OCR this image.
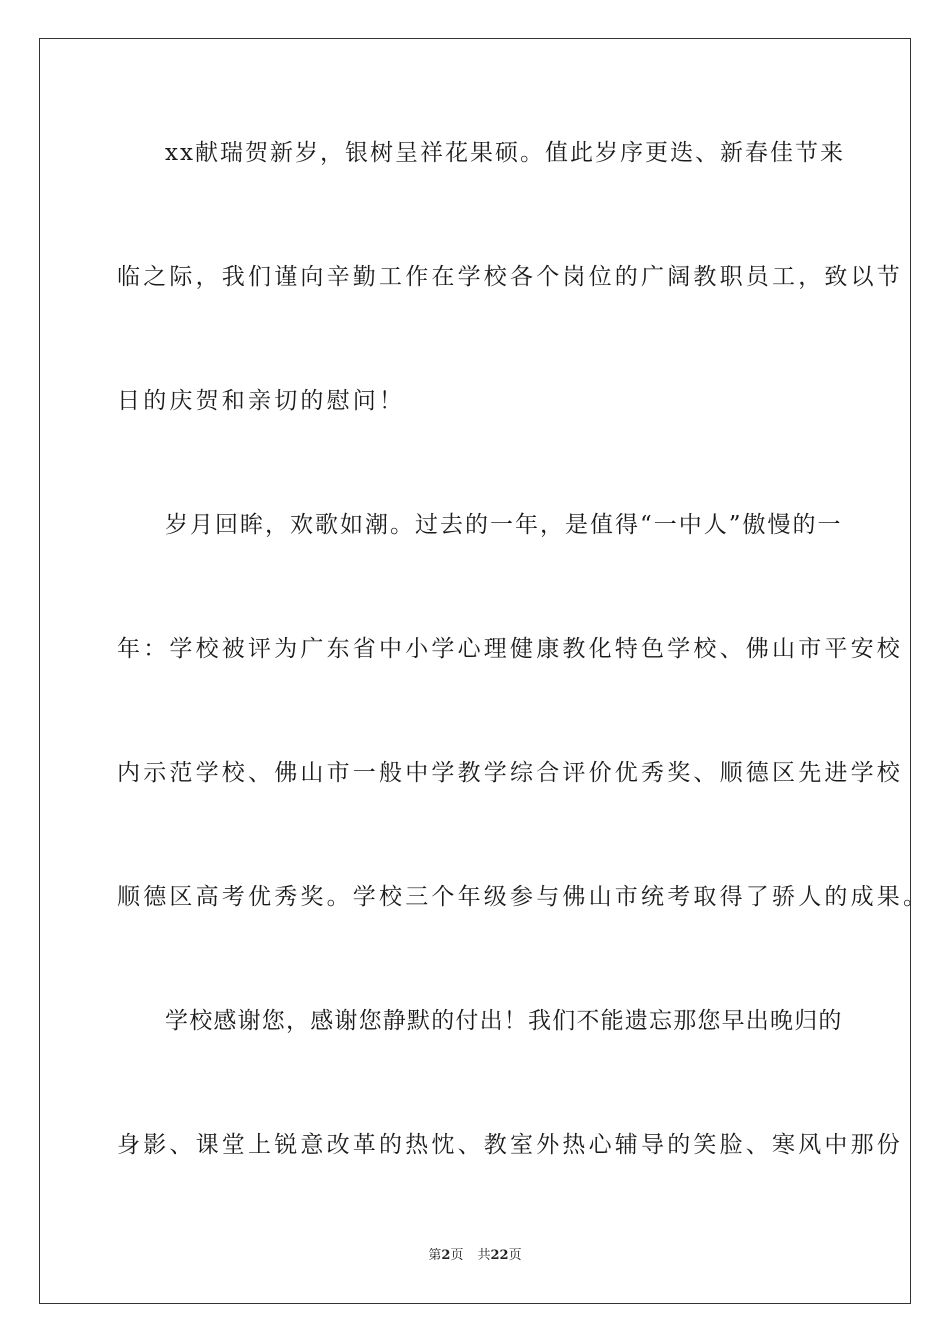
xx献瑞贺新岁，银树呈祥花果硕。值此岁序更迭、新春佳节来
临之际，我们谨向辛勤工作在学校各个岗位的广阔教职员工，致以节
日的庆贺和亲切的慰问！
岁月回眸，欢歌如潮。过去的一年，是值得“一中人”傲慢的一
年：学校被评为广东省中小学心理健康教化特色学校、佛山市平安校
内示范学校、佛山市一般中学教学综合评价优秀奖、顺德区先进学校
顺德区高考优秀奖。学校三个年级参与佛山市统考取得了骄人的成果。
学校感谢您，感谢您静默的付出！我们不能遗忘那您早出晚归的
身影、课堂上锐意改革的热忱、教室外热心辅导的笑脸、寒风中那份
第2页 共22页
